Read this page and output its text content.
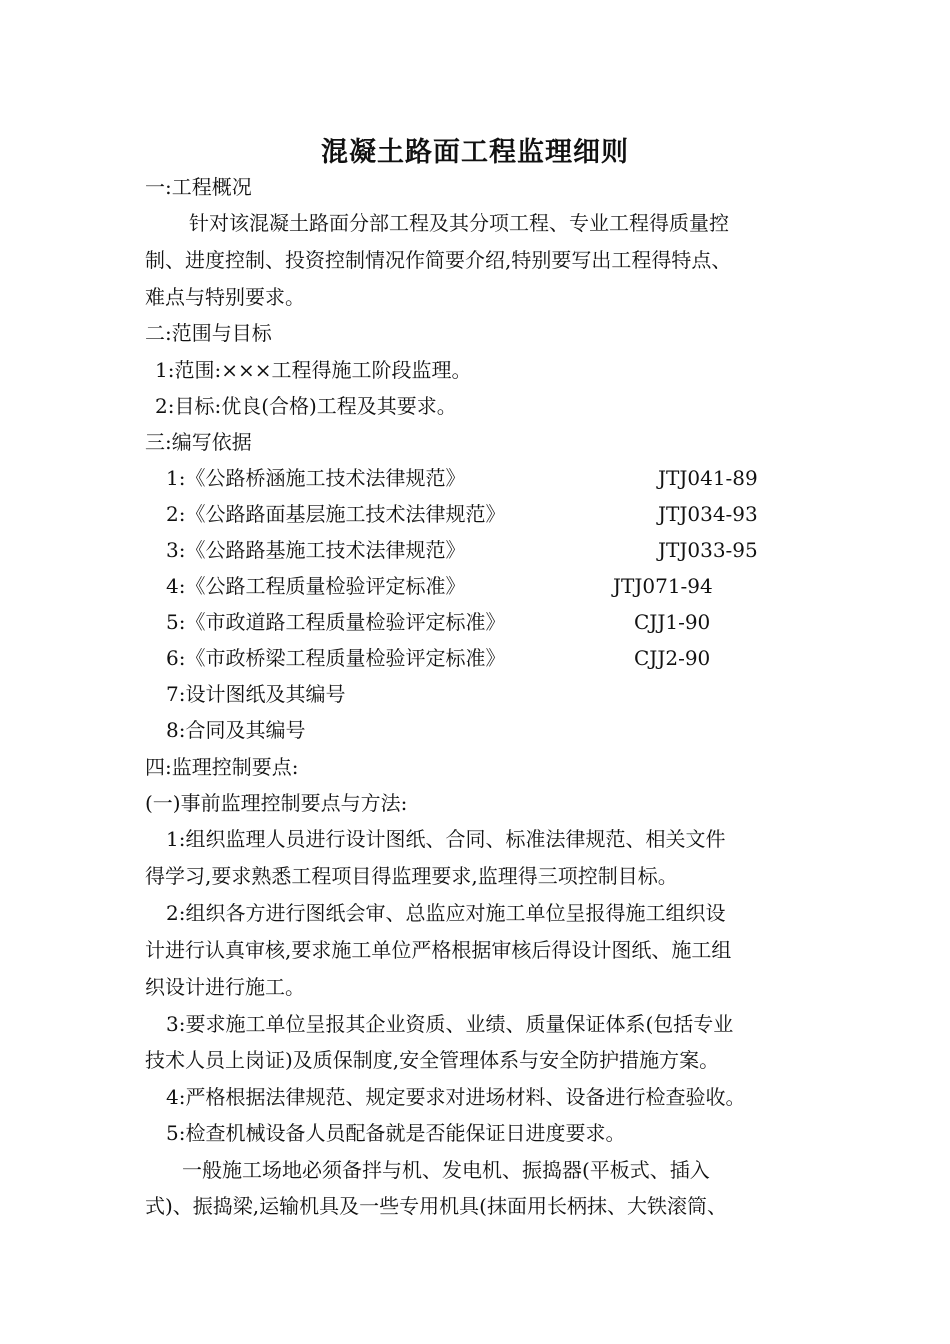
混凝土路面工程监理细则
一:工程概况
针对该混凝土路面分部工程及其分项工程、专业工程得质量控
制、进度控制、投资控制情况作简要介绍,特别要写出工程得特点、
难点与特别要求。
二:范围与目标
1:范围:×××工程得施工阶段监理。
2:目标:优良(合格)工程及其要求。
三:编写依据
1:《公路桥涵施工技术法律规范》	JTJ041-89
2:《公路路面基层施工技术法律规范》	JTJ034-93
3:《公路路基施工技术法律规范》	JTJ033-95
4:《公路工程质量检验评定标准》	JTJ071-94
5:《市政道路工程质量检验评定标准》	CJJ1-90
6:《市政桥梁工程质量检验评定标准》	CJJ2-90
7:设计图纸及其编号
8:合同及其编号
四:监理控制要点:
(一)事前监理控制要点与方法:
1:组织监理人员进行设计图纸、合同、标准法律规范、相关文件
得学习,要求熟悉工程项目得监理要求,监理得三项控制目标。
2:组织各方进行图纸会审、总监应对施工单位呈报得施工组织设
计进行认真审核,要求施工单位严格根据审核后得设计图纸、施工组
织设计进行施工。
3:要求施工单位呈报其企业资质、业绩、质量保证体系(包括专业
技术人员上岗证)及质保制度,安全管理体系与安全防护措施方案。
4:严格根据法律规范、规定要求对进场材料、设备进行检查验收。
5:检查机械设备人员配备就是否能保证日进度要求。
一般施工场地必须备拌与机、发电机、振捣器(平板式、插入
式)、振捣梁,运输机具及一些专用机具(抹面用长柄抹、大铁滚筒、
